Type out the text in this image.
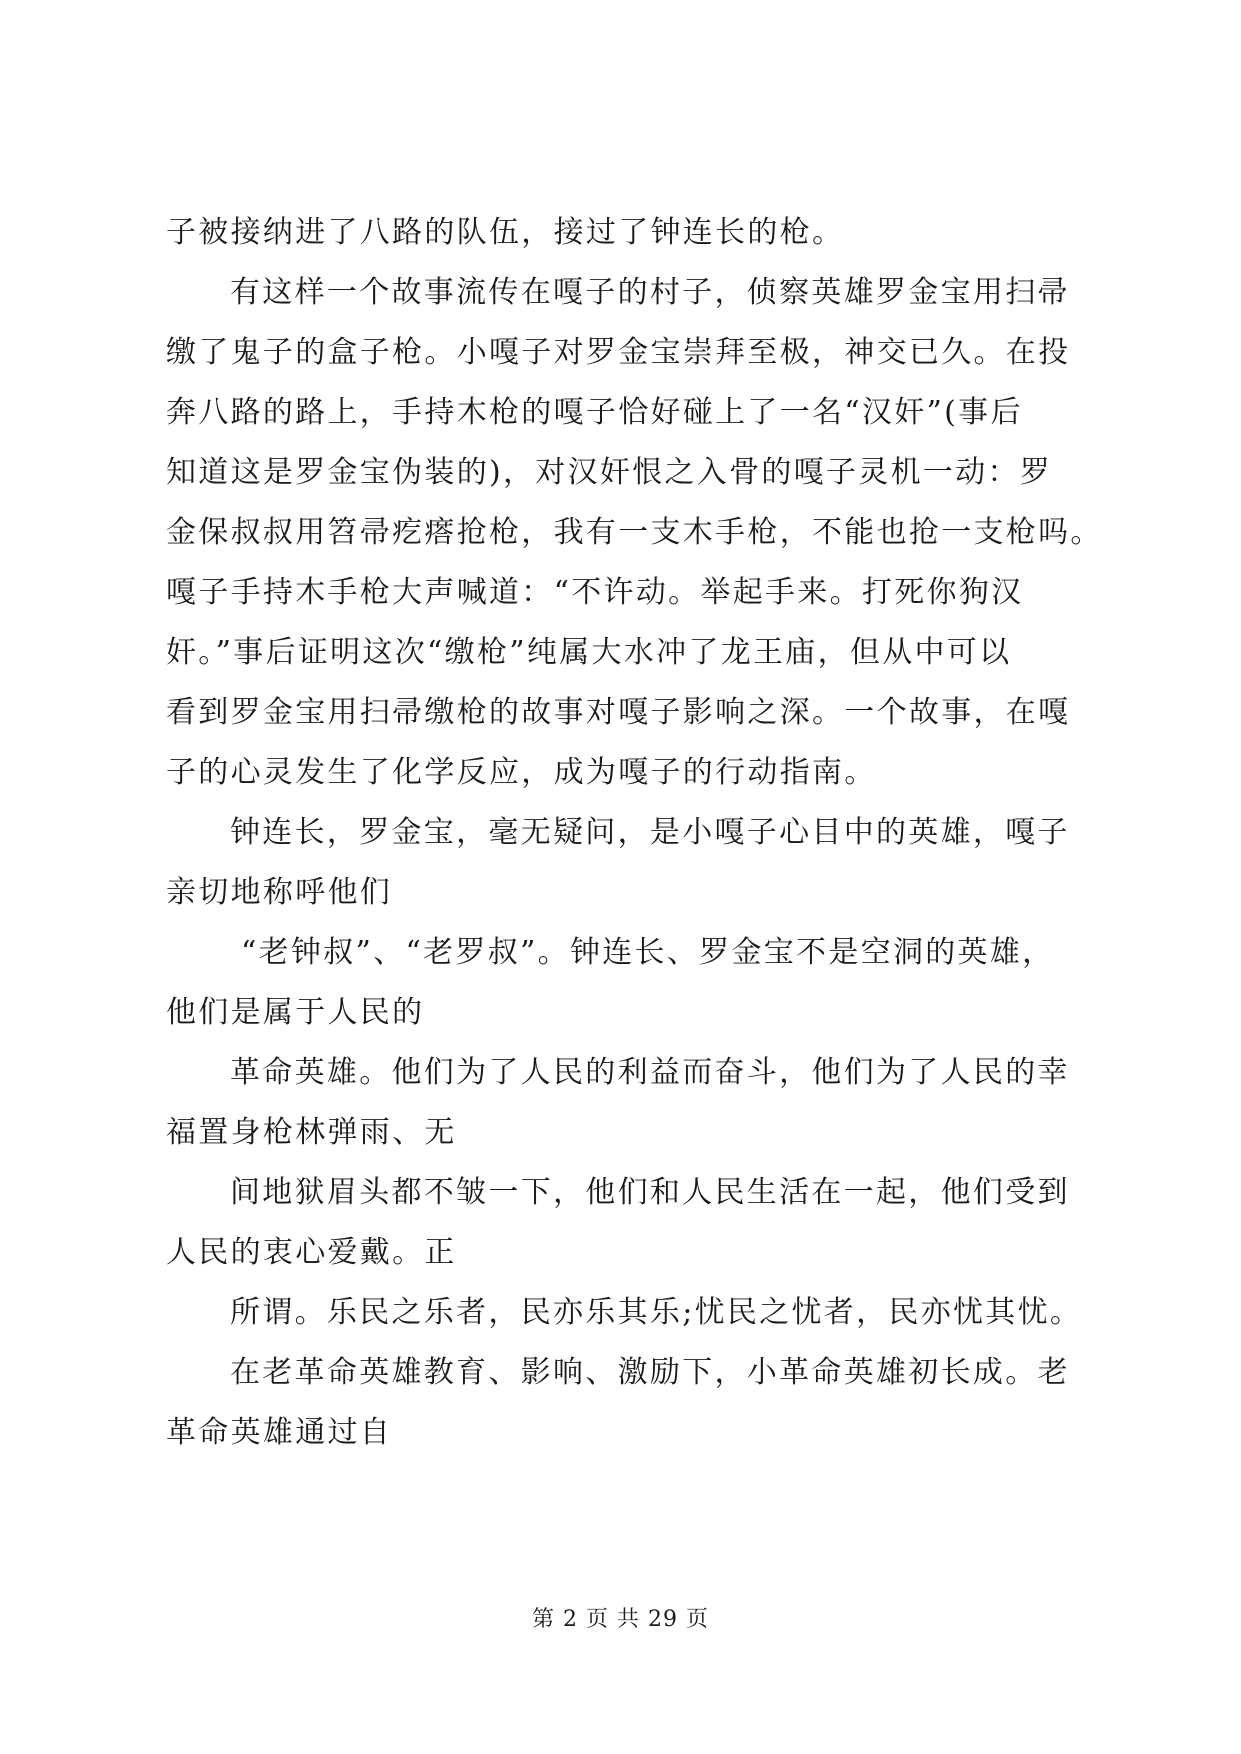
子被接纳进了八路的队伍，接过了钟连长的枪。
有这样一个故事流传在嘎子的村子，侦察英雄罗金宝用扫帚
缴了鬼子的盒子枪。小嘎子对罗金宝崇拜至极，神交已久。在投
奔八路的路上，手持木枪的嘎子恰好碰上了一名“汉奸”(事后
知道这是罗金宝伪装的)，对汉奸恨之入骨的嘎子灵机一动：罗
金保叔叔用笤帚疙瘩抢枪，我有一支木手枪，不能也抢一支枪吗。
嘎子手持木手枪大声喊道：“不许动。举起手来。打死你狗汉
奸。”事后证明这次“缴枪”纯属大水冲了龙王庙，但从中可以
看到罗金宝用扫帚缴枪的故事对嘎子影响之深。一个故事，在嘎
子的心灵发生了化学反应，成为嘎子的行动指南。
钟连长，罗金宝，毫无疑问，是小嘎子心目中的英雄，嘎子
亲切地称呼他们
“老钟叔”、“老罗叔”。钟连长、罗金宝不是空洞的英雄，
他们是属于人民的
革命英雄。他们为了人民的利益而奋斗，他们为了人民的幸
福置身枪林弹雨、无
间地狱眉头都不皱一下，他们和人民生活在一起，他们受到
人民的衷心爱戴。正
所谓。乐民之乐者，民亦乐其乐;忧民之忧者，民亦忧其忧。
在老革命英雄教育、影响、激励下，小革命英雄初长成。老
革命英雄通过自
第 2 页 共 29 页
